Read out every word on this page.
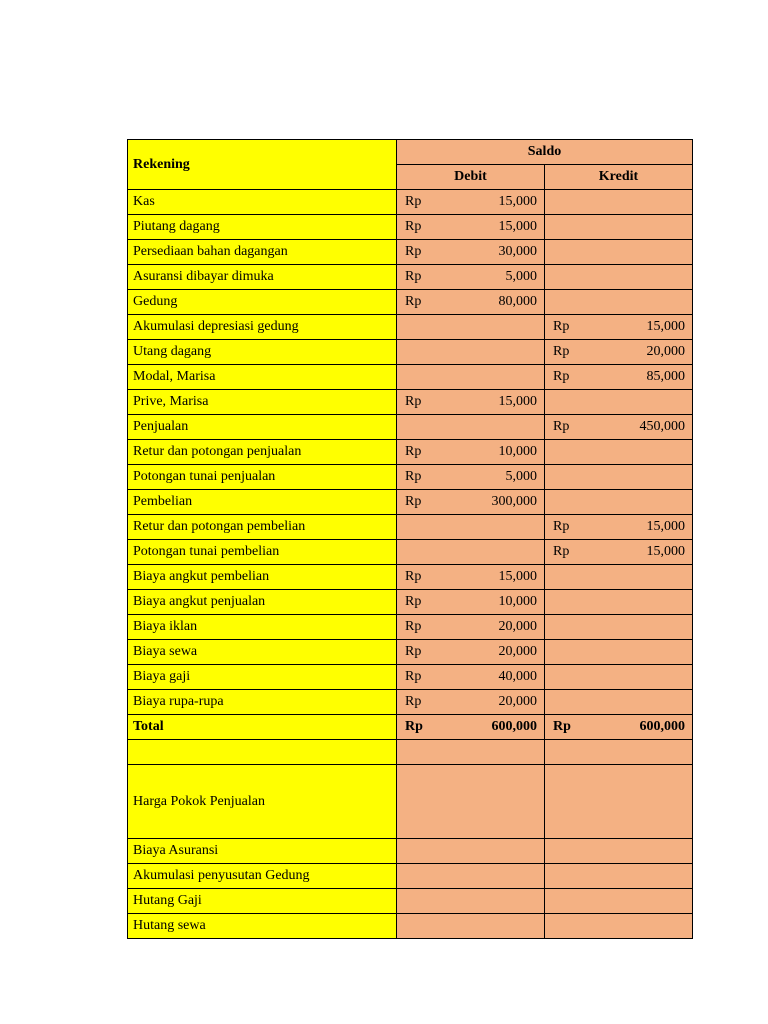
Rekening	Saldo	
	Debit	Kredit
Kas	Rp 15,000	

Piutang dagang	Rp 15,000	

Persediaan bahan dagangan	Rp 30,000	

Asuransi dibayar dimuka	Rp 5,000	

Gedung	Rp 80,000	

Akumulasi depresiasi gedung		Rp 15,000

Utang dagang		Rp 20,000

Modal, Marisa		Rp 85,000

Prive, Marisa	Rp 15,000	

Penjualan		Rp 450,000

Retur dan potongan penjualan	Rp 10,000	

Potongan tunai penjualan	Rp 5,000	

Pembelian	Rp 300,000	

Retur dan potongan pembelian		Rp 15,000

Potongan tunai pembelian		Rp 15,000

Biaya angkut pembelian	Rp 15,000	

Biaya angkut penjualan	Rp 10,000	

Biaya iklan	Rp 20,000	

Biaya sewa	Rp 20,000	

Biaya gaji	Rp 40,000	

Biaya rupa-rupa	Rp 20,000	

Total	Rp 600,000	Rp 600,000

Harga Pokok Penjualan		
Biaya Asuransi		
Akumulasi penyusutan Gedung		
Hutang Gaji		
Hutang sewa		
